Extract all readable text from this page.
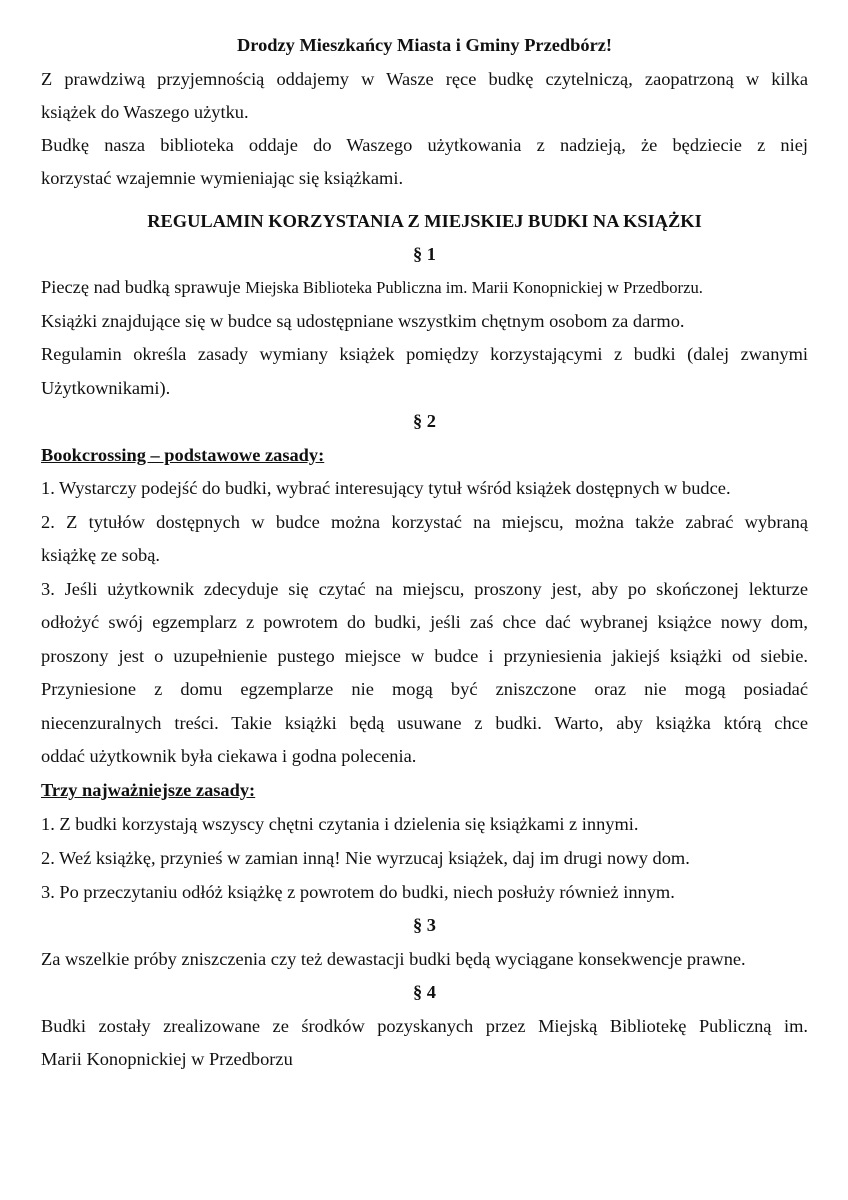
Drodzy Mieszkańcy Miasta i Gminy Przedbórz!
Z prawdziwą przyjemnością oddajemy w Wasze ręce budkę czytelniczą, zaopatrzoną w kilka
książek do Waszego użytku.
Budkę nasza biblioteka oddaje do Waszego użytkowania z nadzieją, że będziecie z niej
korzystać wzajemnie wymieniając się książkami.
REGULAMIN KORZYSTANIA Z MIEJSKIEJ BUDKI NA KSIĄŻKI
§ 1
Pieczę nad budką sprawuje Miejska Biblioteka Publiczna im. Marii Konopnickiej w Przedborzu.
Książki znajdujące się w budce są udostępniane wszystkim chętnym osobom za darmo.
Regulamin określa zasady wymiany książek pomiędzy korzystającymi z budki (dalej zwanymi
Użytkownikami).
§ 2
Bookcrossing – podstawowe zasady:
1. Wystarczy podejść do budki, wybrać interesujący tytuł wśród książek dostępnych w budce.
2. Z tytułów dostępnych w budce można korzystać na miejscu, można także zabrać wybraną
książkę ze sobą.
3. Jeśli użytkownik zdecyduje się czytać na miejscu, proszony jest, aby po skończonej lekturze
odłożyć swój egzemplarz z powrotem do budki, jeśli zaś chce dać wybranej książce nowy dom,
proszony jest o uzupełnienie pustego miejsce w budce i przyniesienia jakiejś książki od siebie.
Przyniesione z domu egzemplarze nie mogą być zniszczone oraz nie mogą posiadać
niecenzuralnych treści. Takie książki będą usuwane z budki. Warto, aby książka którą chce
oddać użytkownik była ciekawa i godna polecenia.
Trzy najważniejsze zasady:
1. Z budki korzystają wszyscy chętni czytania i dzielenia się książkami z innymi.
2. Weź książkę, przynieś w zamian inną! Nie wyrzucaj książek, daj im drugi nowy dom.
3. Po przeczytaniu odłóż książkę z powrotem do budki, niech posłuży również innym.
§ 3
Za wszelkie próby zniszczenia czy też dewastacji budki będą wyciągane konsekwencje prawne.
§ 4
Budki zostały zrealizowane ze środków pozyskanych przez Miejską Bibliotekę Publiczną im.
Marii Konopnickiej w Przedborzu
